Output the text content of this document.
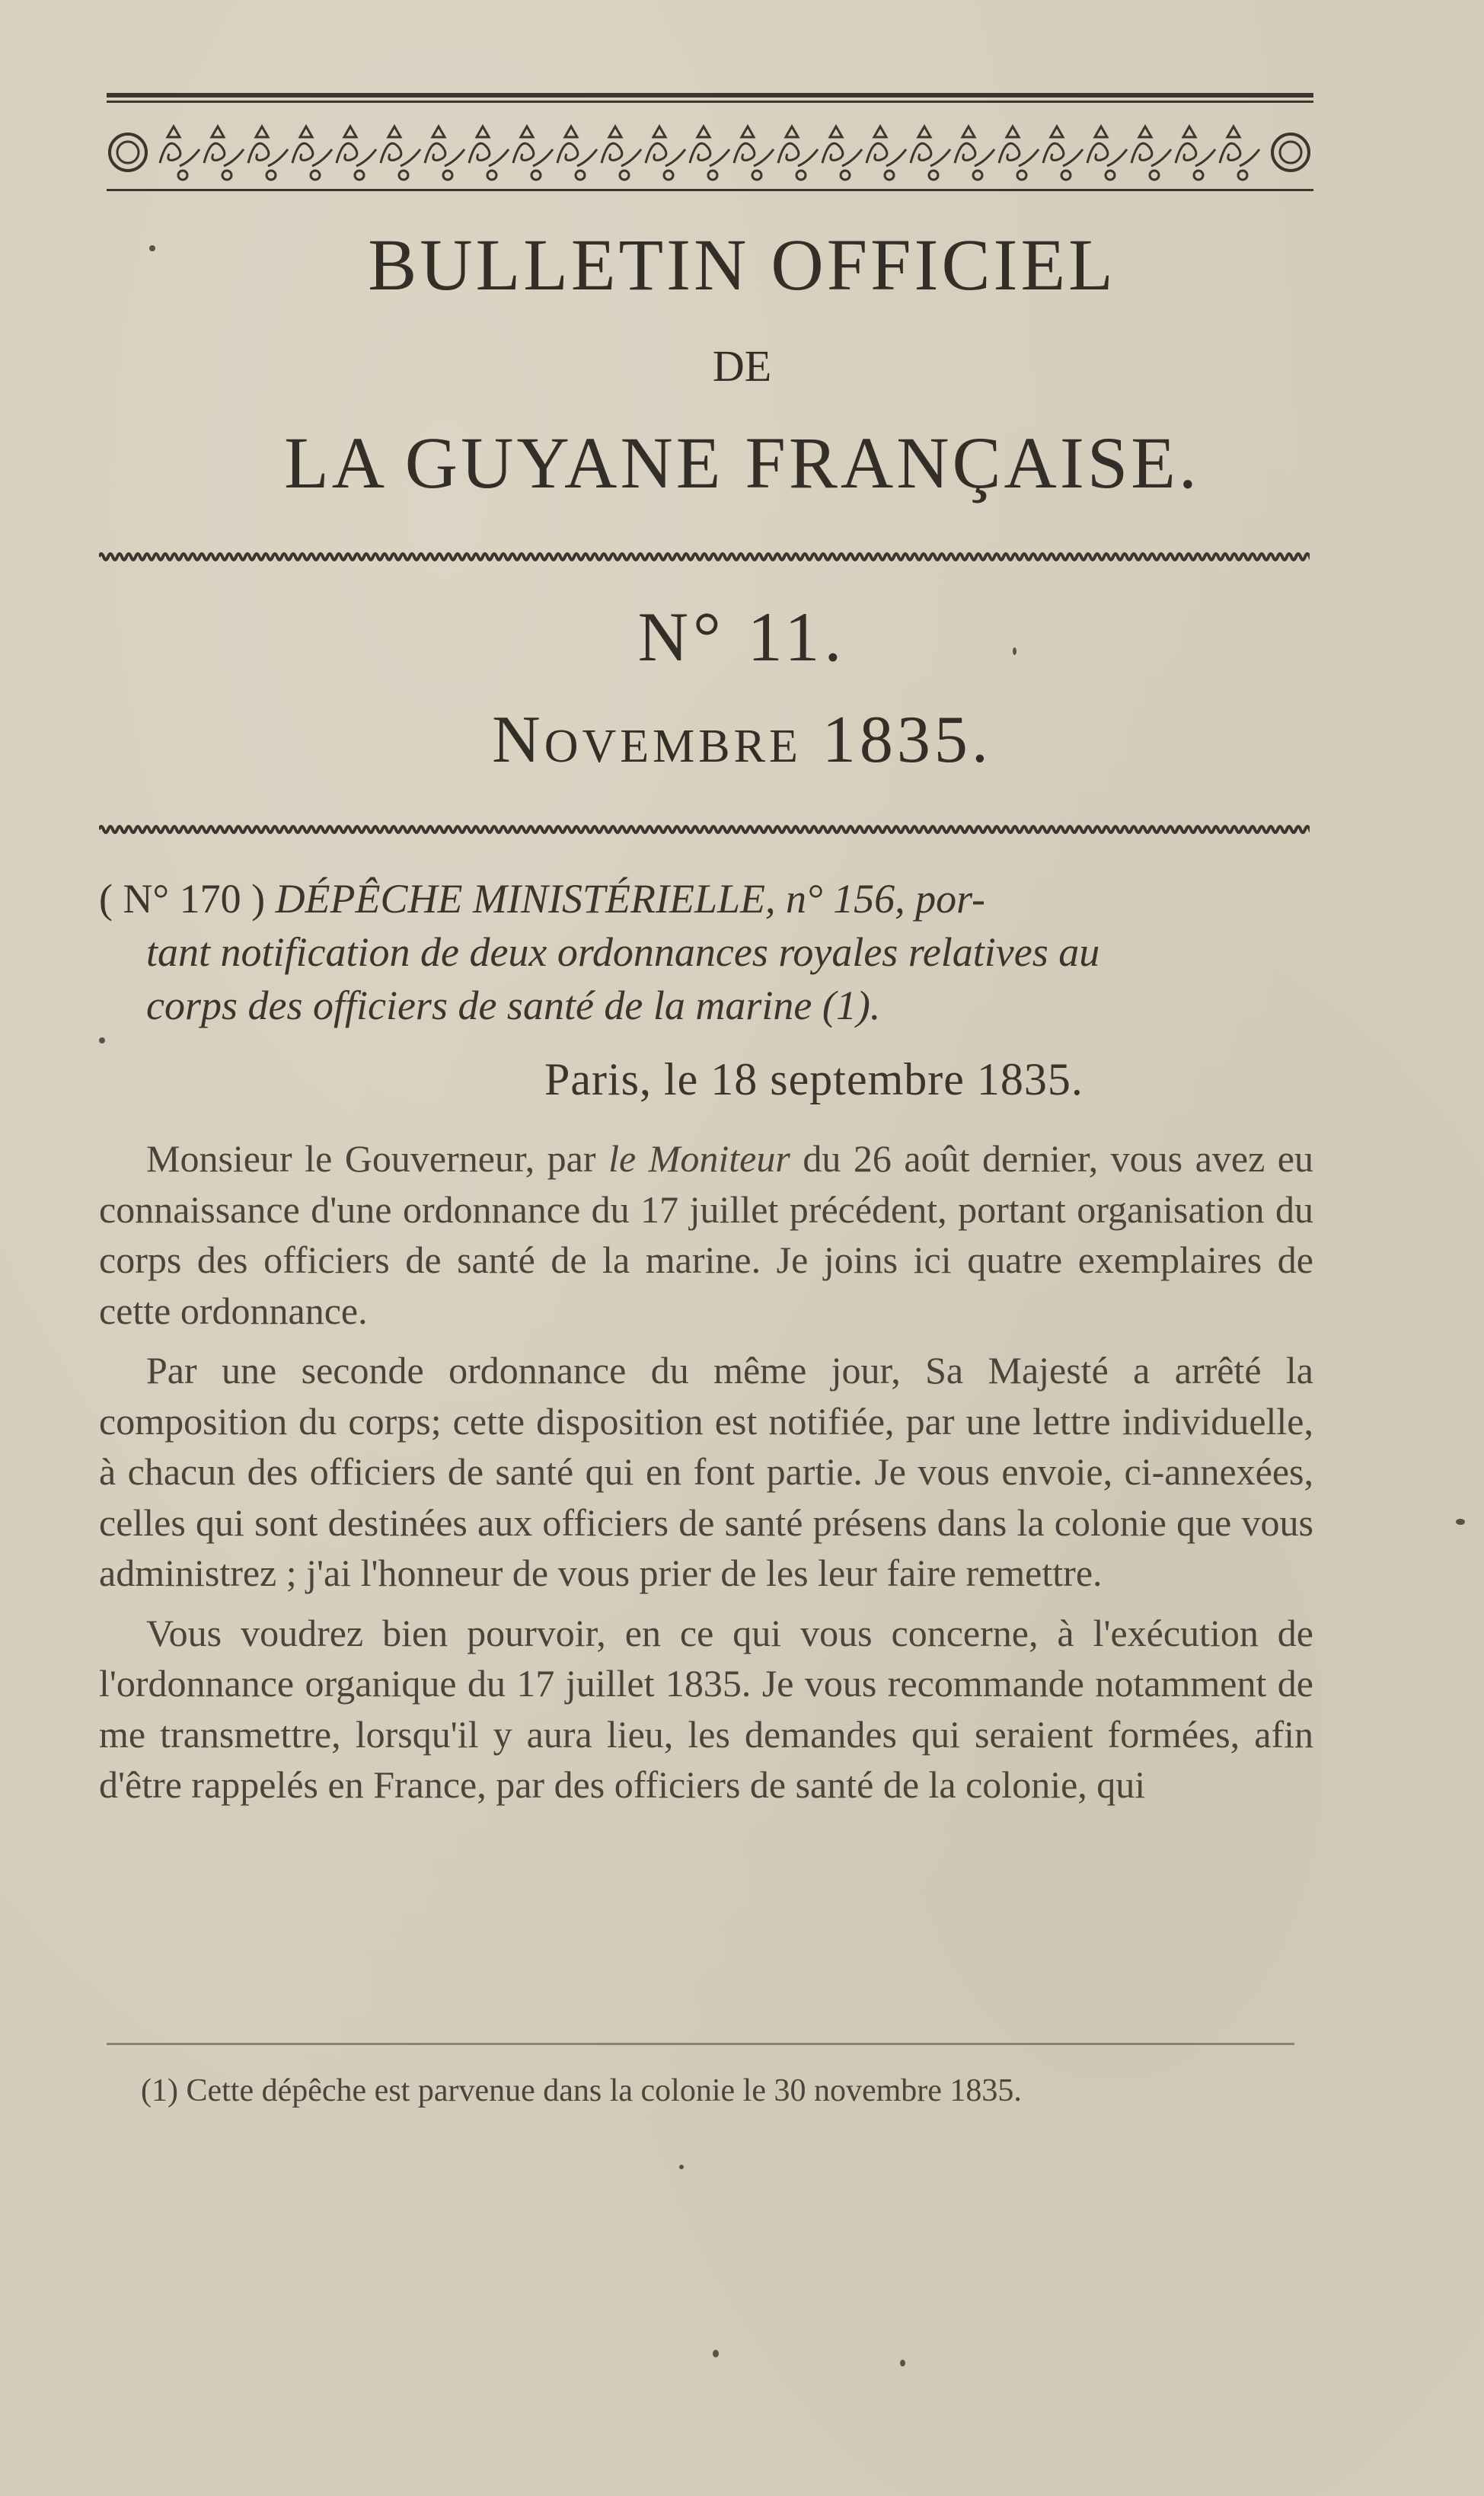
BULLETIN OFFICIEL
DE
LA GUYANE FRANÇAISE.
N° 11.
Novembre 1835.
( N° 170 ) DÉPÊCHE MINISTÉRIELLE, n° 156, por-
tant notification de deux ordonnances royales relatives au
corps des officiers de santé de la marine (1).
Paris, le 18 septembre 1835.

Monsieur le Gouverneur, par le Moniteur du 26 août dernier, vous avez eu connaissance d'une ordonnance du 17 juillet précédent, portant organisation du corps des officiers de santé de la marine. Je joins ici quatre exemplaires de cette ordonnance.

Par une seconde ordonnance du même jour, Sa Majesté a arrêté la composition du corps; cette disposition est notifiée, par une lettre individuelle, à chacun des officiers de santé qui en font partie. Je vous envoie, ci-annexées, celles qui sont destinées aux officiers de santé présens dans la colonie que vous administrez ; j'ai l'honneur de vous prier de les leur faire remettre.

Vous voudrez bien pourvoir, en ce qui vous concerne, à l'exécution de l'ordonnance organique du 17 juillet 1835. Je vous recommande notamment de me transmettre, lorsqu'il y aura lieu, les demandes qui seraient formées, afin d'être rappelés en France, par des officiers de santé de la colonie, qui

(1) Cette dépêche est parvenue dans la colonie le 30 novembre 1835.
